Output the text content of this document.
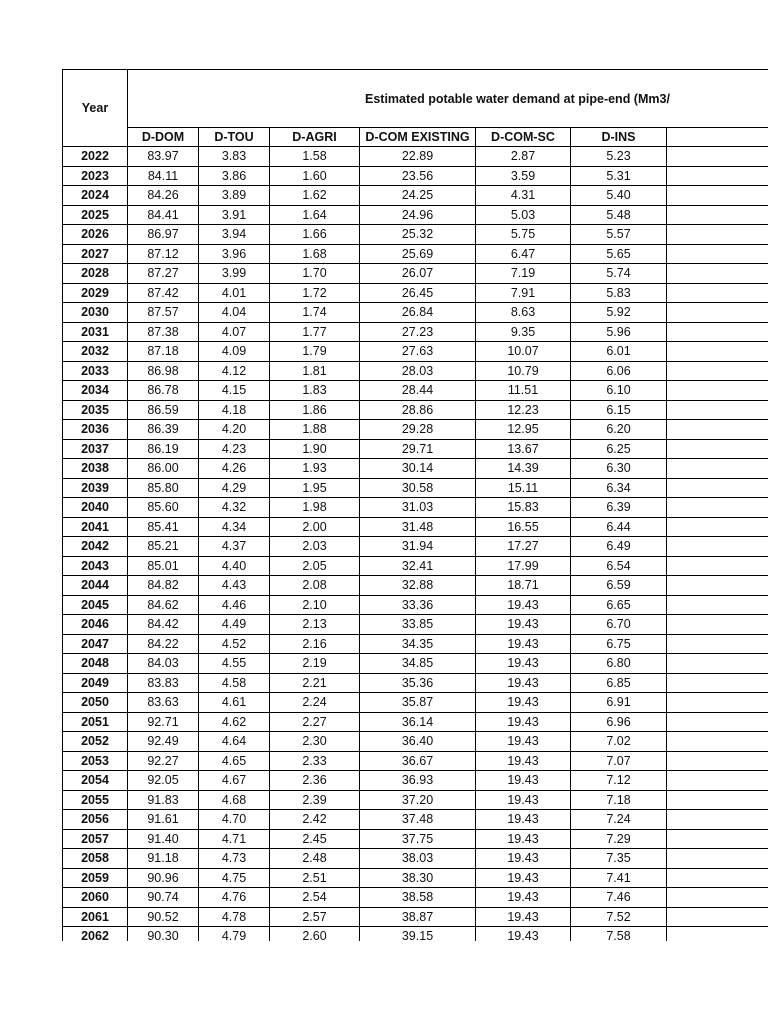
Year	Estimated potable water demand at pipe-end (Mm3/						
	D-DOM	D-TOU	D-AGRI	D-COM EXISTING	D-COM-SC	D-INS	
2022	83.97	3.83	1.58	22.89	2.87	5.23	
2023	84.11	3.86	1.60	23.56	3.59	5.31	
2024	84.26	3.89	1.62	24.25	4.31	5.40	
2025	84.41	3.91	1.64	24.96	5.03	5.48	
2026	86.97	3.94	1.66	25.32	5.75	5.57	
2027	87.12	3.96	1.68	25.69	6.47	5.65	
2028	87.27	3.99	1.70	26.07	7.19	5.74	
2029	87.42	4.01	1.72	26.45	7.91	5.83	
2030	87.57	4.04	1.74	26.84	8.63	5.92	
2031	87.38	4.07	1.77	27.23	9.35	5.96	
2032	87.18	4.09	1.79	27.63	10.07	6.01	
2033	86.98	4.12	1.81	28.03	10.79	6.06	
2034	86.78	4.15	1.83	28.44	11.51	6.10	
2035	86.59	4.18	1.86	28.86	12.23	6.15	
2036	86.39	4.20	1.88	29.28	12.95	6.20	
2037	86.19	4.23	1.90	29.71	13.67	6.25	
2038	86.00	4.26	1.93	30.14	14.39	6.30	
2039	85.80	4.29	1.95	30.58	15.11	6.34	
2040	85.60	4.32	1.98	31.03	15.83	6.39	
2041	85.41	4.34	2.00	31.48	16.55	6.44	
2042	85.21	4.37	2.03	31.94	17.27	6.49	
2043	85.01	4.40	2.05	32.41	17.99	6.54	
2044	84.82	4.43	2.08	32.88	18.71	6.59	
2045	84.62	4.46	2.10	33.36	19.43	6.65	
2046	84.42	4.49	2.13	33.85	19.43	6.70	
2047	84.22	4.52	2.16	34.35	19.43	6.75	
2048	84.03	4.55	2.19	34.85	19.43	6.80	
2049	83.83	4.58	2.21	35.36	19.43	6.85	
2050	83.63	4.61	2.24	35.87	19.43	6.91	
2051	92.71	4.62	2.27	36.14	19.43	6.96	
2052	92.49	4.64	2.30	36.40	19.43	7.02	
2053	92.27	4.65	2.33	36.67	19.43	7.07	
2054	92.05	4.67	2.36	36.93	19.43	7.12	
2055	91.83	4.68	2.39	37.20	19.43	7.18	
2056	91.61	4.70	2.42	37.48	19.43	7.24	
2057	91.40	4.71	2.45	37.75	19.43	7.29	
2058	91.18	4.73	2.48	38.03	19.43	7.35	
2059	90.96	4.75	2.51	38.30	19.43	7.41	
2060	90.74	4.76	2.54	38.58	19.43	7.46	
2061	90.52	4.78	2.57	38.87	19.43	7.52	
2062	90.30	4.79	2.60	39.15	19.43	7.58	
